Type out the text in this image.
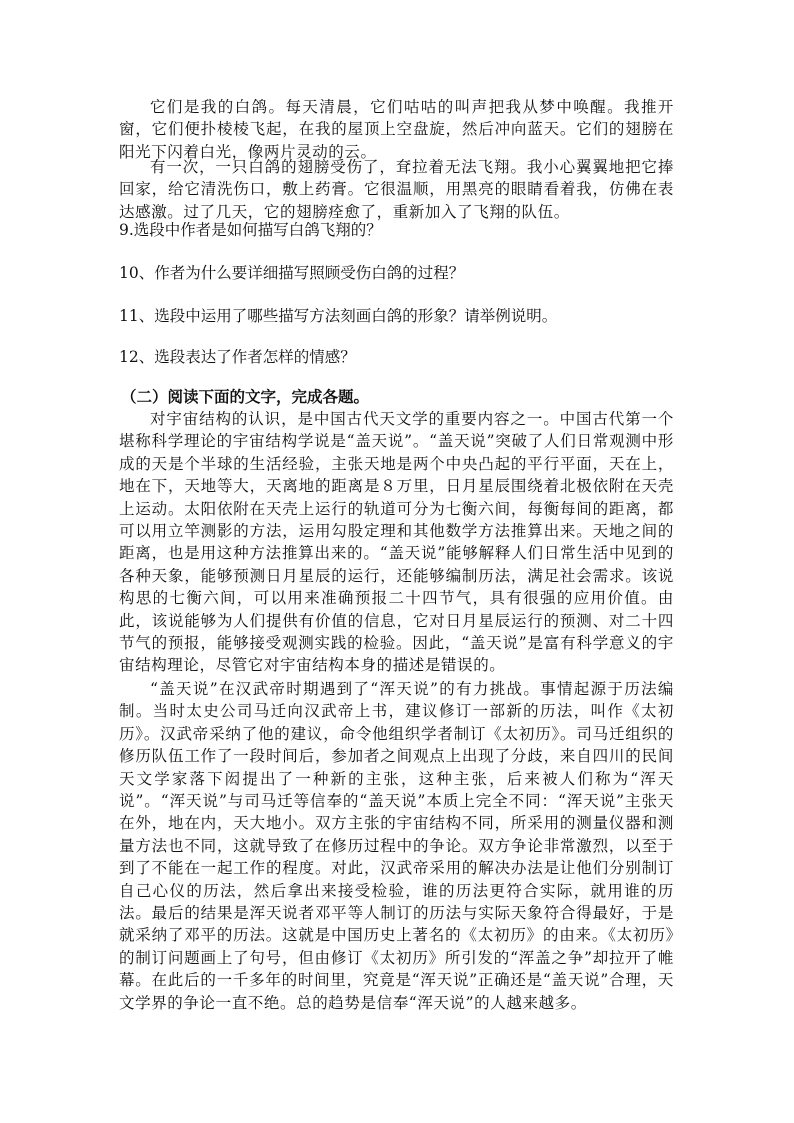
它们是我的白鸽。每天清晨，它们咕咕的叫声把我从梦中唤醒。我推开窗，它们便扑棱棱飞起，在我的屋顶上空盘旋，然后冲向蓝天。它们的翅膀在阳光下闪着白光，像两片灵动的云。

有一次，一只白鸽的翅膀受伤了，耷拉着无法飞翔。我小心翼翼地把它捧回家，给它清洗伤口，敷上药膏。它很温顺，用黑亮的眼睛看着我，仿佛在表达感激。过了几天，它的翅膀痊愈了，重新加入了飞翔的队伍。

9.选段中作者是如何描写白鸽飞翔的？
10、作者为什么要详细描写照顾受伤白鸽的过程？
11、选段中运用了哪些描写方法刻画白鸽的形象？请举例说明。
12、选段表达了作者怎样的情感？
（二）阅读下面的文字，完成各题。

对宇宙结构的认识，是中国古代天文学的重要内容之一。中国古代第一个堪称科学理论的宇宙结构学说是“盖天说”。“盖天说”突破了人们日常观测中形成的天是个半球的生活经验，主张天地是两个中央凸起的平行平面，天在上，地在下，天地等大，天离地的距离是８万里，日月星辰围绕着北极依附在天壳上运动。太阳依附在天壳上运行的轨道可分为七衡六间，每衡每间的距离，都可以用立竿测影的方法，运用勾股定理和其他数学方法推算出来。天地之间的距离，也是用这种方法推算出来的。“盖天说”能够解释人们日常生活中见到的各种天象，能够预测日月星辰的运行，还能够编制历法，满足社会需求。该说构思的七衡六间，可以用来准确预报二十四节气，具有很强的应用价值。由此，该说能够为人们提供有价值的信息，它对日月星辰运行的预测、对二十四节气的预报，能够接受观测实践的检验。因此，“盖天说”是富有科学意义的宇宙结构理论，尽管它对宇宙结构本身的描述是错误的。

“盖天说”在汉武帝时期遇到了“浑天说”的有力挑战。事情起源于历法编制。当时太史公司马迁向汉武帝上书，建议修订一部新的历法，叫作《太初历》。汉武帝采纳了他的建议，命令他组织学者制订《太初历》。司马迁组织的修历队伍工作了一段时间后，参加者之间观点上出现了分歧，来自四川的民间天文学家落下闳提出了一种新的主张，这种主张，后来被人们称为“浑天说”。“浑天说”与司马迁等信奉的“盖天说”本质上完全不同：“浑天说”主张天在外，地在内，天大地小。双方主张的宇宙结构不同，所采用的测量仪器和测量方法也不同，这就导致了在修历过程中的争论。双方争论非常激烈，以至于到了不能在一起工作的程度。对此，汉武帝采用的解决办法是让他们分别制订自己心仪的历法，然后拿出来接受检验，谁的历法更符合实际，就用谁的历法。最后的结果是浑天说者邓平等人制订的历法与实际天象符合得最好，于是就采纳了邓平的历法。这就是中国历史上著名的《太初历》的由来。《太初历》的制订问题画上了句号，但由修订《太初历》所引发的“浑盖之争”却拉开了帷幕。在此后的一千多年的时间里，究竟是“浑天说”正确还是“盖天说”合理，天文学界的争论一直不绝。总的趋势是信奉“浑天说”的人越来越多。
